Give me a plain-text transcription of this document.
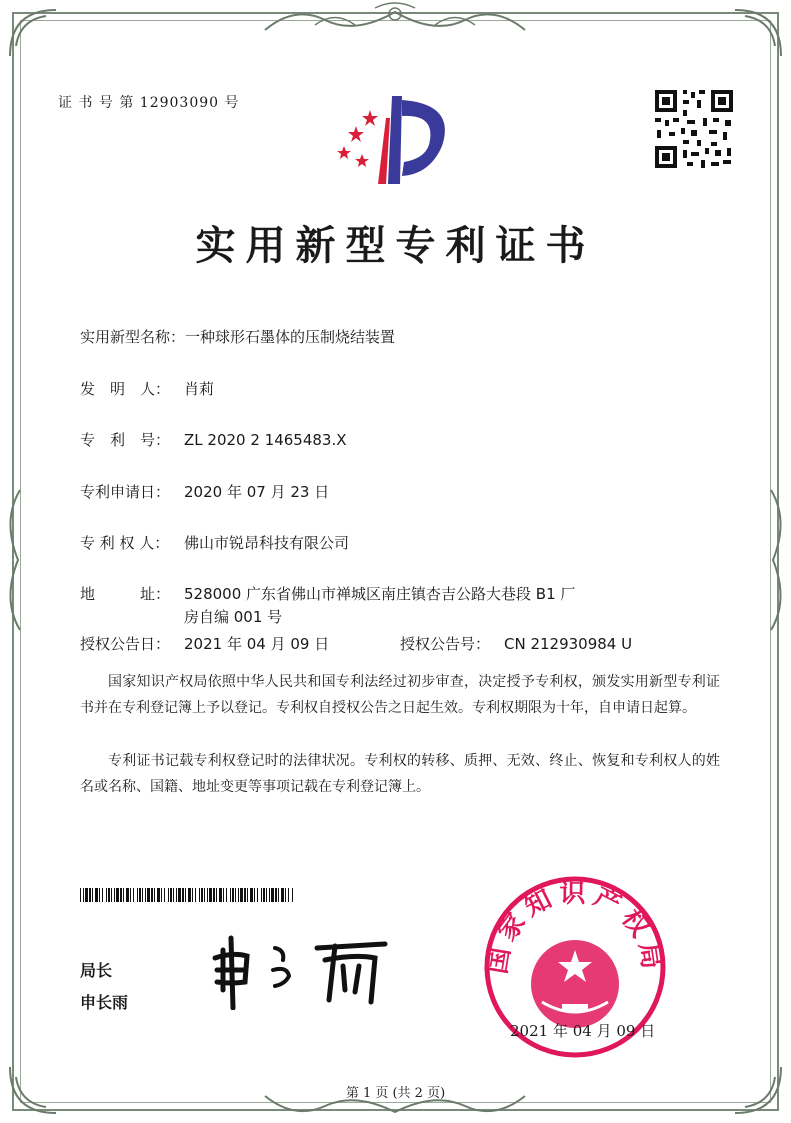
证 书 号 第 12903090 号
实用新型专利证书
实用新型名称：一种球形石墨体的压制烧结装置
发　明　人： 肖莉
专　利　号： ZL 2020 2 1465483.X
专利申请日： 2020 年 07 月 23 日
专 利 权 人： 佛山市锐昂科技有限公司
地　　　址： 528000 广东省佛山市禅城区南庄镇杏吉公路大巷段 B1 厂
房自编 001 号
授权公告日： 2021 年 04 月 09 日	授权公告号： CN 212930984 U
国家知识产权局依照中华人民共和国专利法经过初步审查，决定授予专利权，颁发实用新型专利证书并在专利登记簿上予以登记。专利权自授权公告之日起生效。专利权期限为十年，自申请日起算。
专利证书记载专利权登记时的法律状况。专利权的转移、质押、无效、终止、恢复和专利权人的姓名或名称、国籍、地址变更等事项记载在专利登记簿上。
局长
申长雨
国家知识产权局
2021 年 04 月 09 日
第 1 页 (共 2 页)
